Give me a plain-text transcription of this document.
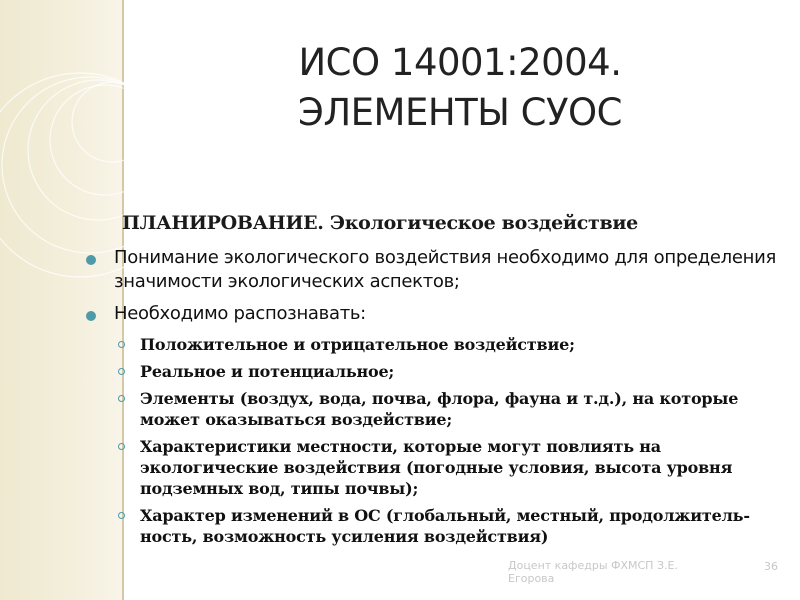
ИСО 14001:2004.
ЭЛЕМЕНТЫ СУОС
ПЛАНИРОВАНИЕ. Экологическое воздействие
Понимание экологического воздействия необходимо для определения значимости экологических аспектов;
Необходимо распознавать:
Положительное и отрицательное воздействие;
Реальное и потенциальное;
Элементы (воздух, вода, почва, флора, фауна и т.д.), на которые может оказываться воздействие;
Характеристики местности, которые могут повлиять на экологические воздействия (погодные условия, высота уровня подземных вод, типы почвы);
Характер изменений в ОС (глобальный, местный, продолжитель-ность, возможность усиления воздействия)
Доцент кафедры ФХМСП З.Е. Егорова
36
